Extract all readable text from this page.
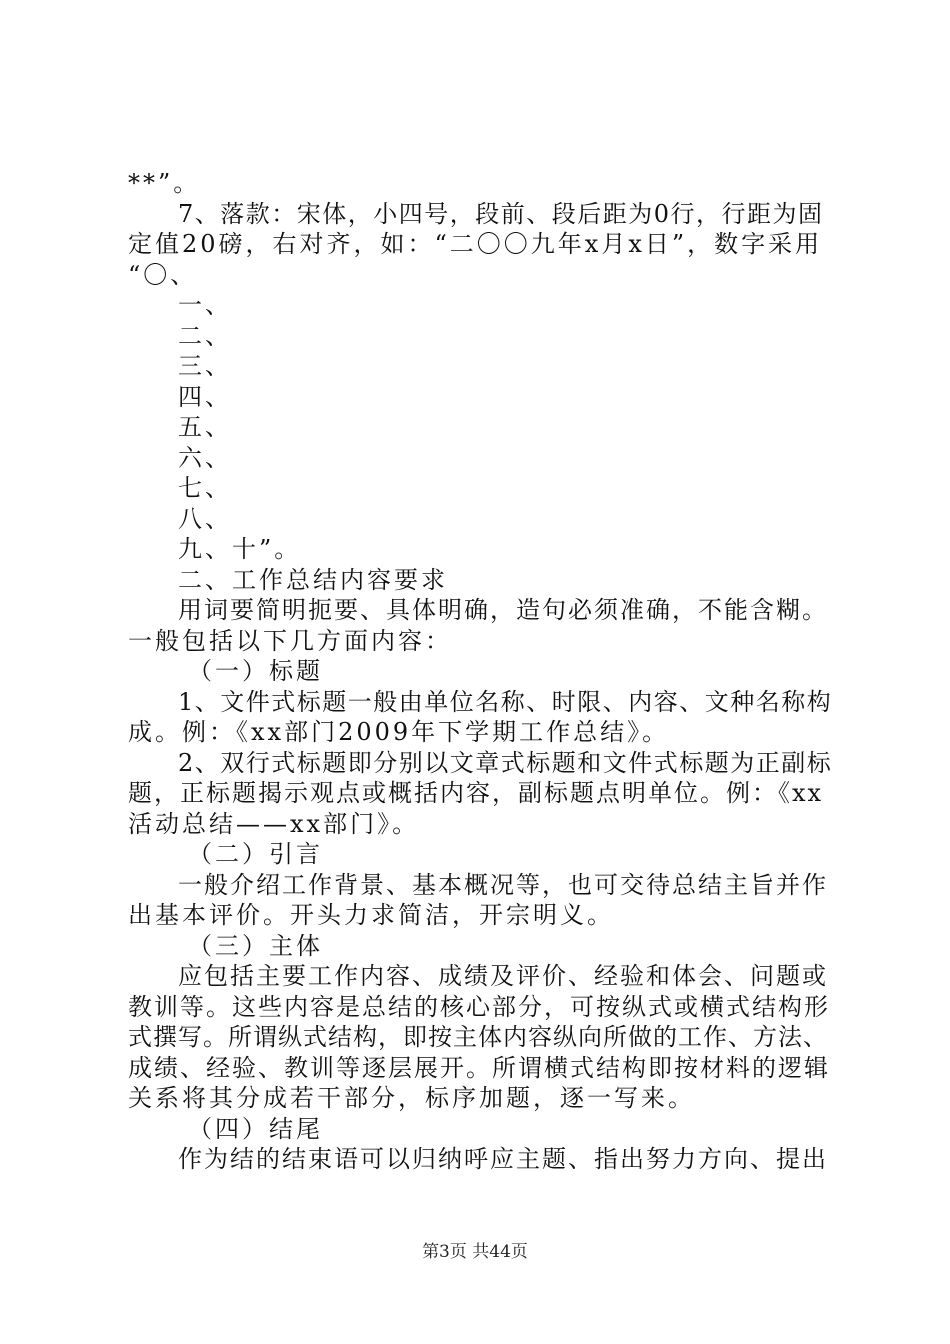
**”。
7、落款：宋体，小四号，段前、段后距为0行，行距为固
定值20磅，右对齐，如：“二〇〇九年x月x日”，数字采用
“〇、
一、
二、
三、
四、
五、
六、
七、
八、
九、十”。
二、工作总结内容要求
用词要简明扼要、具体明确，造句必须准确，不能含糊。
一般包括以下几方面内容：
（一）标题
1、文件式标题一般由单位名称、时限、内容、文种名称构
成。例：《xx部门2009年下学期工作总结》。
2、双行式标题即分别以文章式标题和文件式标题为正副标
题，正标题揭示观点或概括内容，副标题点明单位。例：《xx
活动总结——xx部门》。
（二）引言
一般介绍工作背景、基本概况等，也可交待总结主旨并作
出基本评价。开头力求简洁，开宗明义。
（三）主体
应包括主要工作内容、成绩及评价、经验和体会、问题或
教训等。这些内容是总结的核心部分，可按纵式或横式结构形
式撰写。所谓纵式结构，即按主体内容纵向所做的工作、方法、
成绩、经验、教训等逐层展开。所谓横式结构即按材料的逻辑
关系将其分成若干部分，标序加题，逐一写来。
（四）结尾
作为结的结束语可以归纳呼应主题、指出努力方向、提出
第3页 共44页
